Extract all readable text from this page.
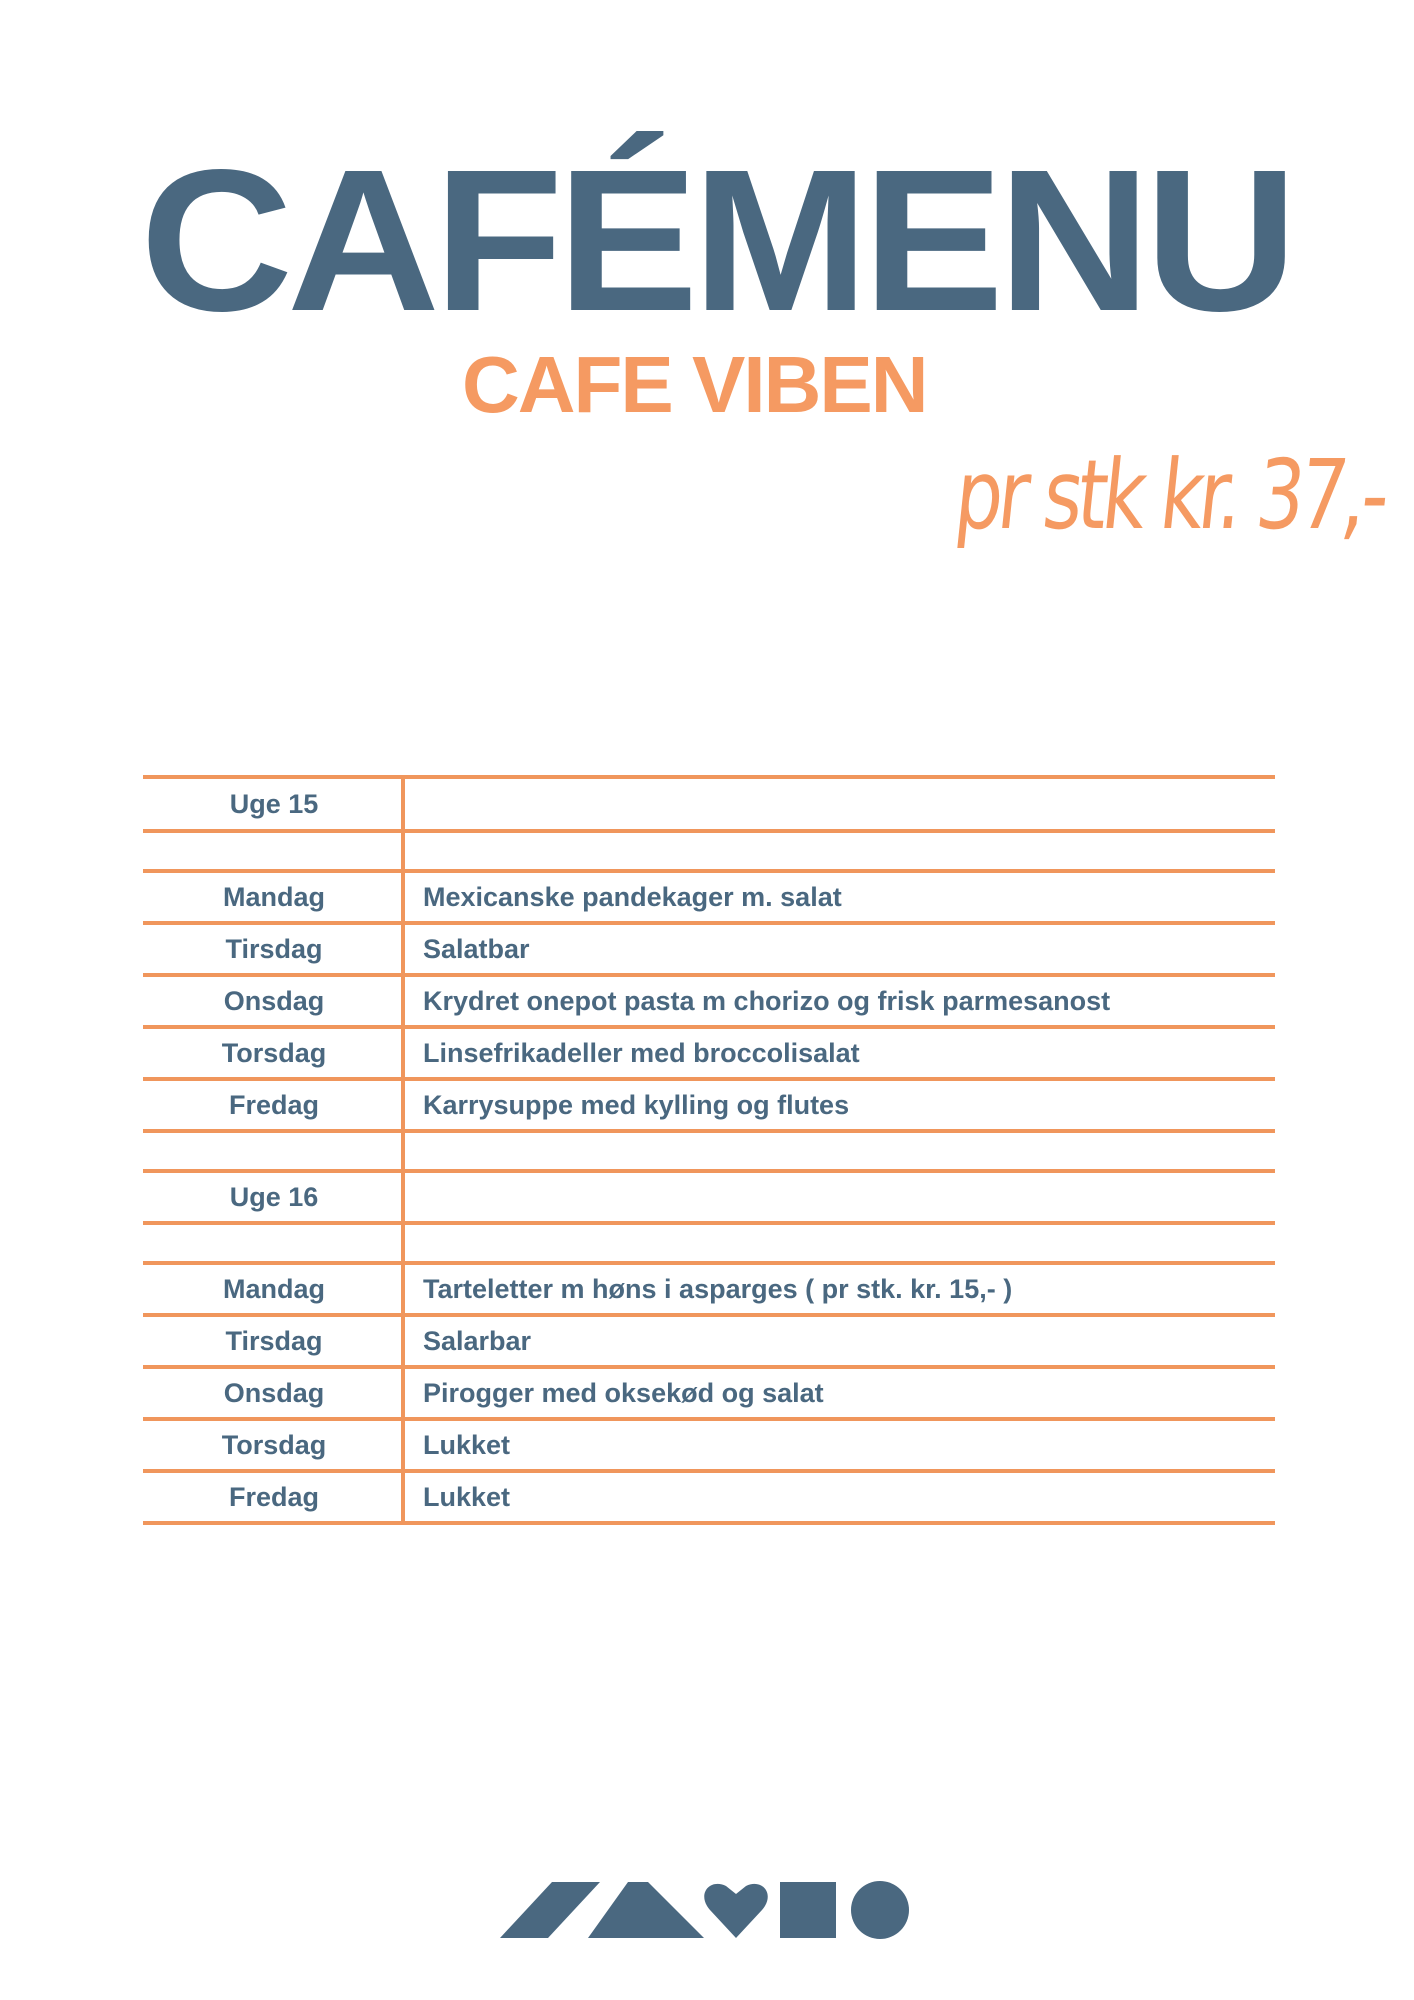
CAFÉMENU
CAFE VIBEN
pr stk kr. 37,-
Uge 15
Mandag	Mexicanske pandekager m. salat
Tirsdag	Salatbar
Onsdag	Krydret onepot pasta m chorizo og frisk parmesanost
Torsdag	Linsefrikadeller med broccolisalat
Fredag	Karrysuppe med kylling og flutes
Uge 16
Mandag	Tarteletter m høns i asparges ( pr stk. kr. 15,- )
Tirsdag	Salarbar
Onsdag	Pirogger med oksekød og salat
Torsdag	Lukket
Fredag	Lukket
